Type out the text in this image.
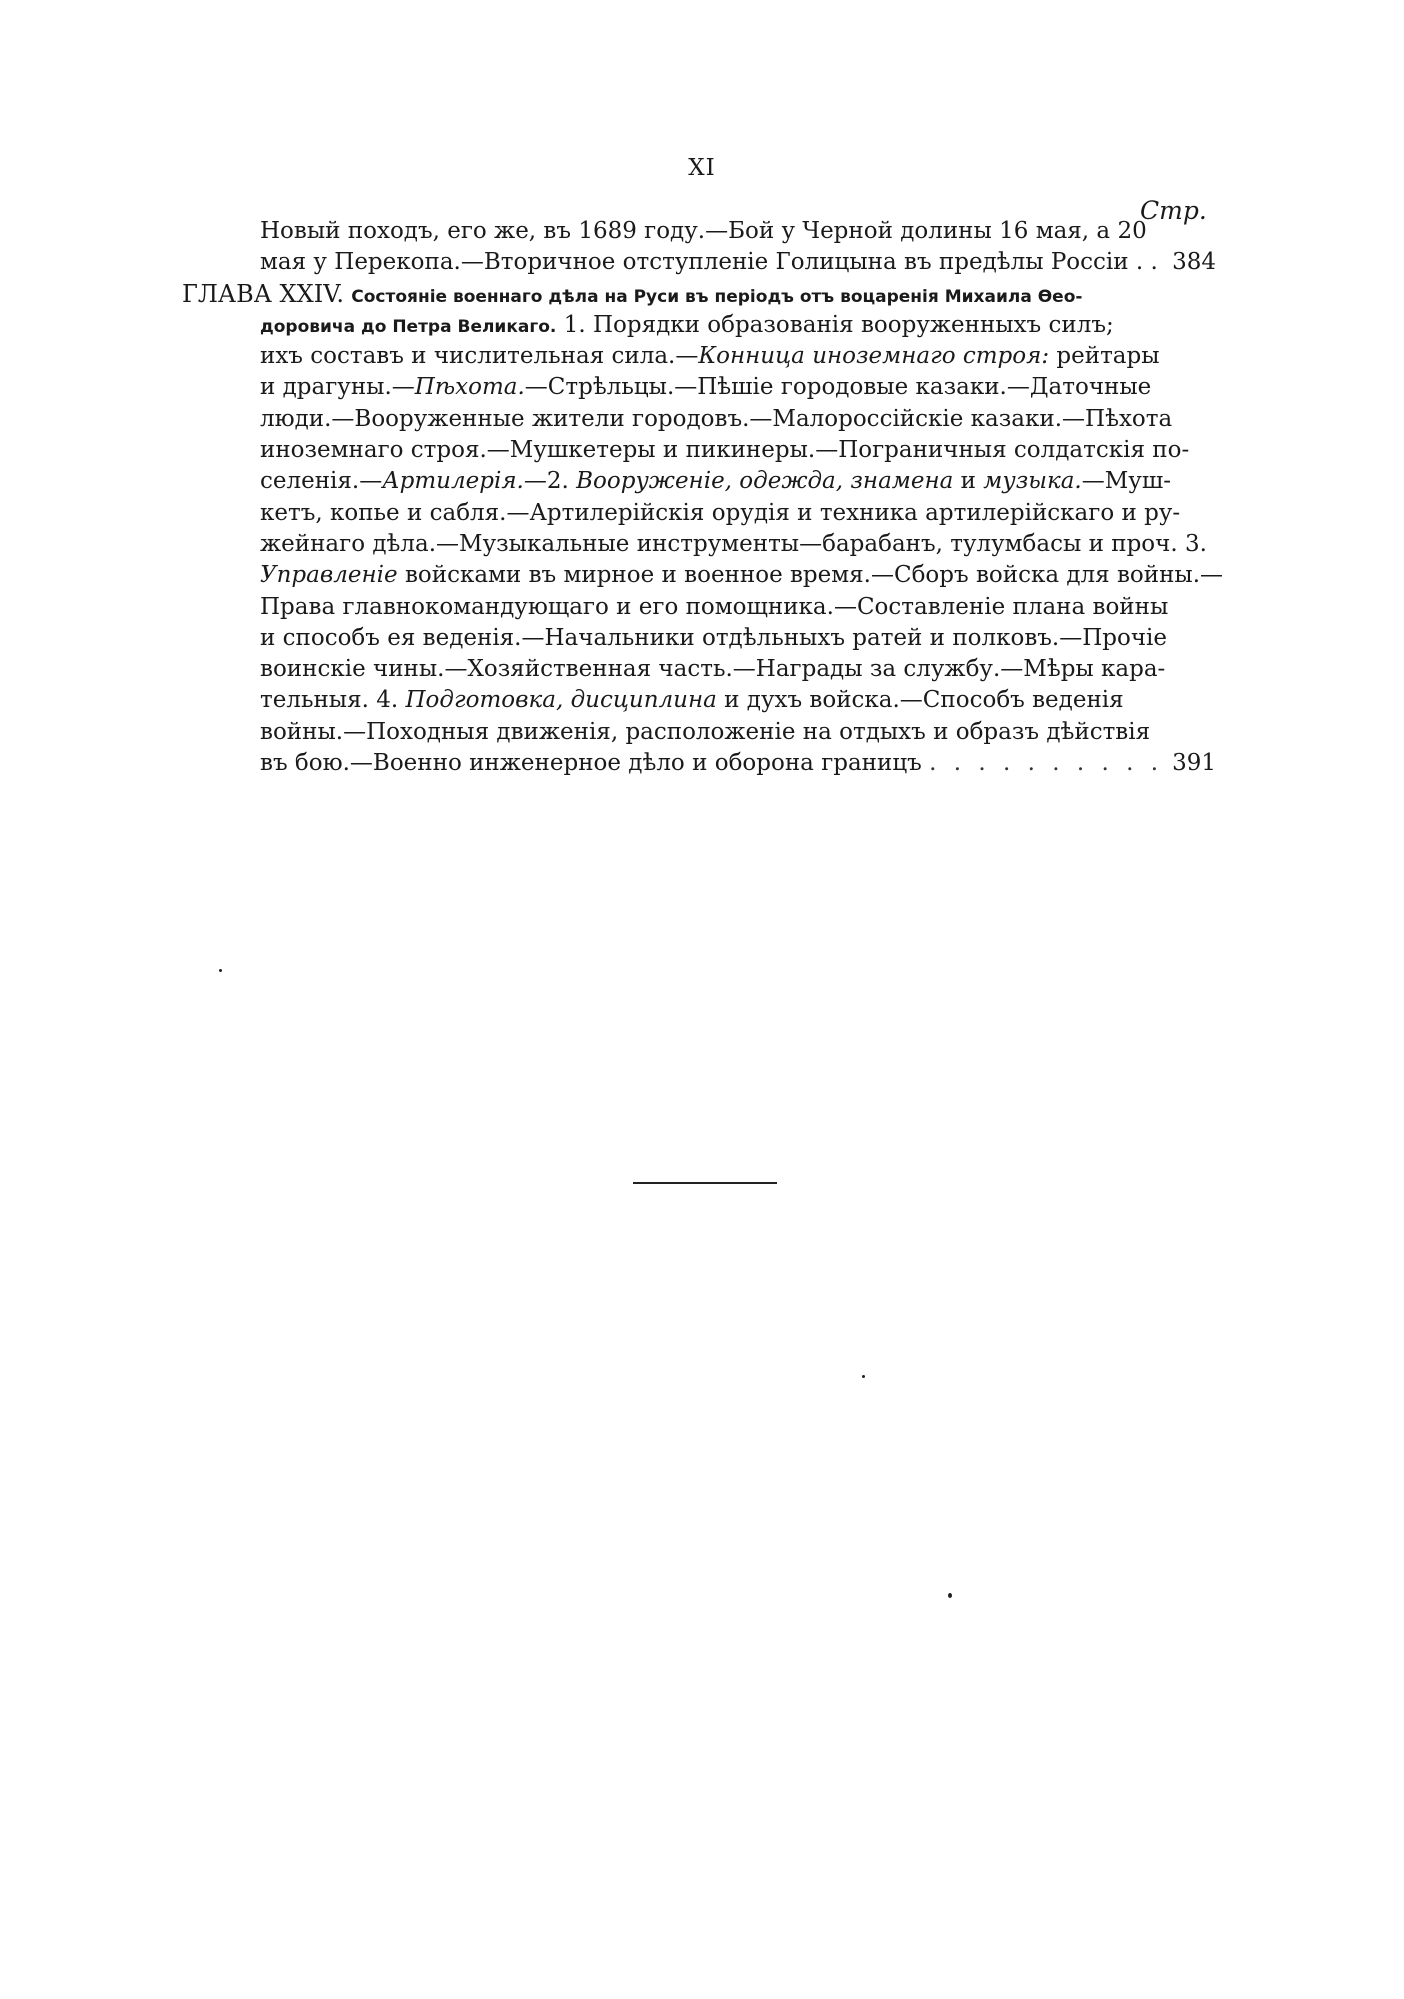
XI
Стр.
Новый походъ, его же, въ 1689 году.—Бой у Черной долины 16 мая, а 20
мая у Перекопа.—Вторичное отступленіе Голицына въ предѣлы Россіи . . 384
ГЛАВА XXIV. Состояніе военнаго дѣла на Руси въ періодъ отъ воцаренія Михаила Ѳео-
доровича до Петра Великаго. 1. Порядки образованія вооруженныхъ силъ;
ихъ составъ и числительная сила.—Конница иноземнаго строя: рейтары
и драгуны.—Пѣхота.—Стрѣльцы.—Пѣшіе городовые казаки.—Даточные
люди.—Вооруженные жители городовъ.—Малороссійскіе казаки.—Пѣхота
иноземнаго строя.—Мушкетеры и пикинеры.—Пограничныя солдатскія по-
селенія.—Артилерія.—2. Вооруженіе, одежда, знамена и музыка.—Муш-
кетъ, копье и сабля.—Артилерійскія орудія и техника артилерійскаго и ру-
жейнаго дѣла.—Музыкальные инструменты—барабанъ, тулумбасы и проч. 3.
Управленіе войсками въ мирное и военное время.—Сборъ войска для войны.—
Права главнокомандующаго и его помощника.—Составленіе плана войны
и способъ ея веденія.—Начальники отдѣльныхъ ратей и полковъ.—Прочіе
воинскіе чины.—Хозяйственная часть.—Награды за службу.—Мѣры кара-
тельныя. 4. Подготовка, дисциплина и духъ войска.—Способъ веденія
войны.—Походныя движенія, расположеніе на отдыхъ и образъ дѣйствія
въ бою.—Военно инженерное дѣло и оборона границъ . . . . . . . . . . 391
